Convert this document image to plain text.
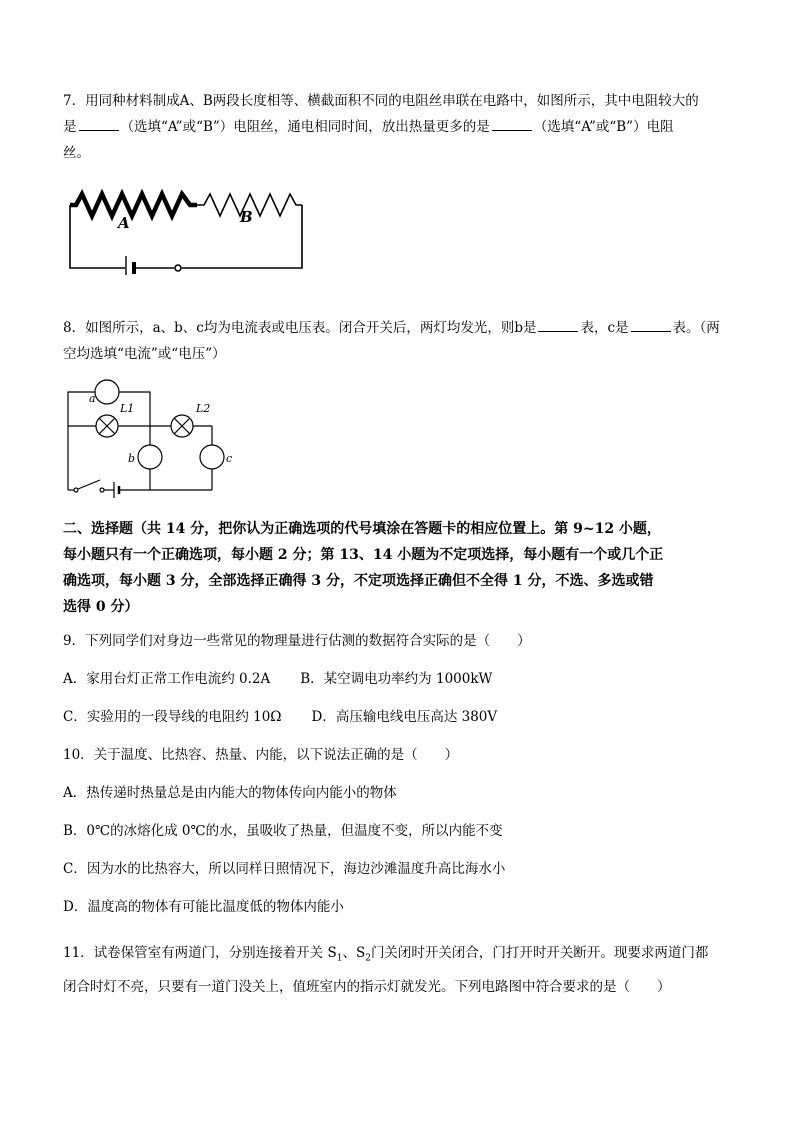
7．用同种材料制成A、B两段长度相等、横截面积不同的电阻丝串联在电路中，如图所示，其中电阻较大的

是	（选填“A”或“B”）电阻丝，通电相同时间，放出热量更多的是	（选填“A”或“B”）电阻

丝。

A	B

8．如图所示，a、b、c均为电流表或电压表。闭合开关后，两灯均发光，则b是	表，c是	表。（两

空均选填“电流”或“电压”）

a
L1	L2
b	c

二、选择题（共 14 分，把你认为正确选项的代号填涂在答题卡的相应位置上。第 9~12 小题，

每小题只有一个正确选项，每小题 2 分；第 13、14 小题为不定项选择，每小题有一个或几个正

确选项，每小题 3 分，全部选择正确得 3 分，不定项选择正确但不全得 1 分，不选、多选或错

选得 0 分）

9．下列同学们对身边一些常见的物理量进行估测的数据符合实际的是（　　）

A．家用台灯正常工作电流约 0.2A B．某空调电功率约为 1000kW

C．实验用的一段导线的电阻约 10Ω D．高压输电线电压高达 380V

10．关于温度、比热容、热量、内能，以下说法正确的是（　　）

A．热传递时热量总是由内能大的物体传向内能小的物体

B．0℃的冰熔化成 0℃的水，虽吸收了热量，但温度不变，所以内能不变

C．因为水的比热容大，所以同样日照情况下，海边沙滩温度升高比海水小

D．温度高的物体有可能比温度低的物体内能小

11．试卷保管室有两道门，分别连接着开关 $S_1$、$S_2$门关闭时开关闭合，门打开时开关断开。现要求两道门都

闭合时灯不亮，只要有一道门没关上，值班室内的指示灯就发光。下列电路图中符合要求的是（　　）
